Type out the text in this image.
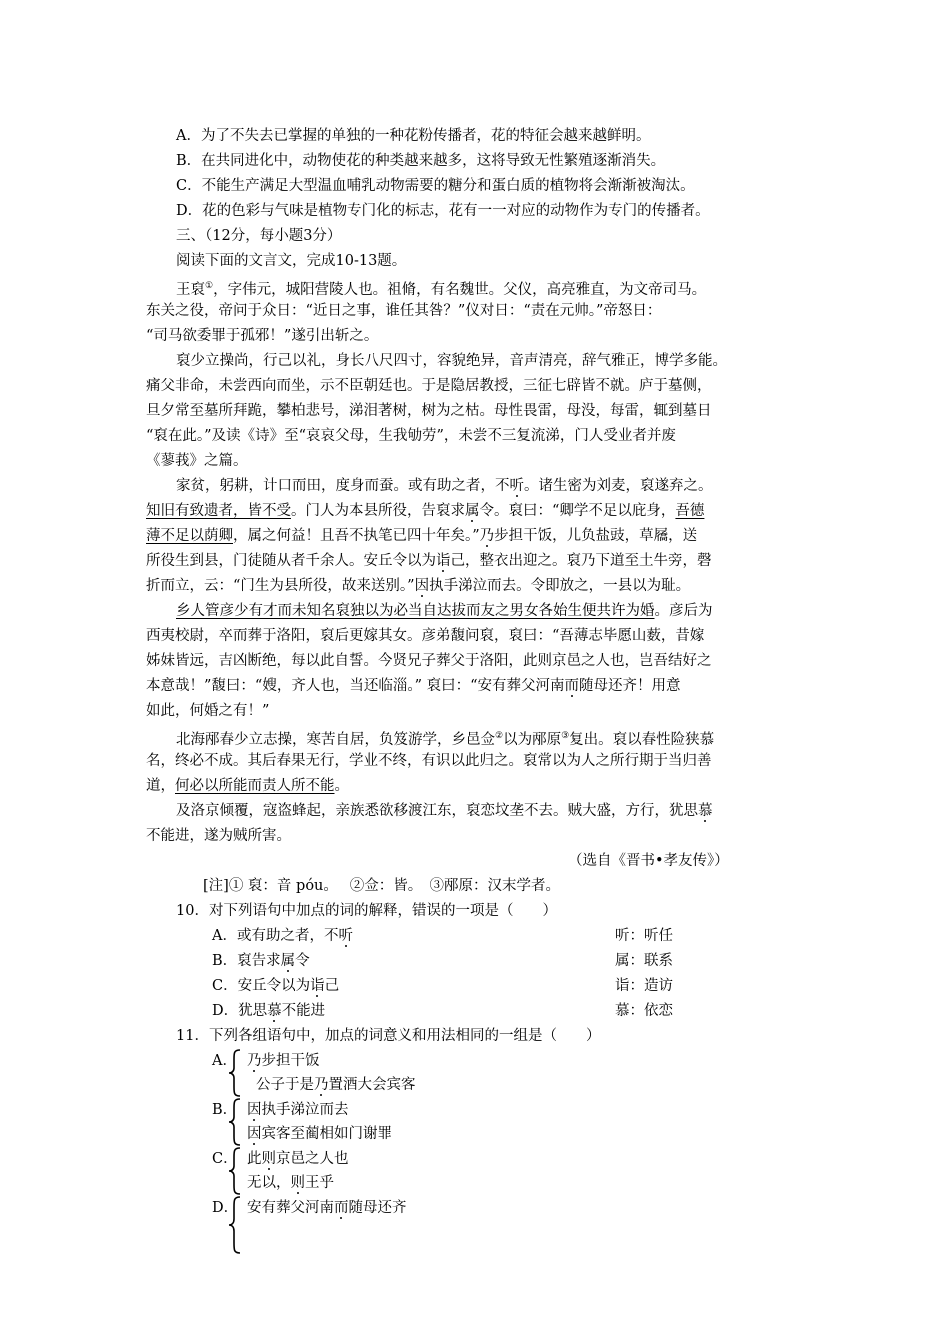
A．为了不失去已掌握的单独的一种花粉传播者，花的特征会越来越鲜明。
B．在共同进化中，动物使花的种类越来越多，这将导致无性繁殖逐渐消失。
C．不能生产满足大型温血哺乳动物需要的糖分和蛋白质的植物将会渐渐被淘汰。
D．花的色彩与气味是植物专门化的标志，花有一一对应的动物作为专门的传播者。
三、（12分，每小题3分）
阅读下面的文言文，完成10-13题。
王裒①，字伟元，城阳营陵人也。祖脩，有名魏世。父仪，高亮雅直，为文帝司马。
东关之役，帝问于众日：“近日之事，谁任其咎？”仪对日：“责在元帅。”帝怒日：
“司马欲委罪于孤邪！”遂引出斩之。
裒少立操尚，行己以礼，身长八尺四寸，容貌绝异，音声清亮，辞气雅正，博学多能。
痛父非命，未尝西向而坐，示不臣朝廷也。于是隐居教授，三征七辟皆不就。庐于墓侧，
旦夕常至墓所拜跪，攀柏悲号，涕泪著树，树为之枯。母性畏雷，母没，每雷，辄到墓日
“裒在此。”及读《诗》至“哀哀父母，生我劬劳”，未尝不三复流涕，门人受业者并废
《蓼莪》之篇。
家贫，躬耕，计口而田，度身而蚕。或有助之者，不听。诸生密为刘麦，裒遂弃之。
知旧有致遗者，皆不受。门人为本县所役，告裒求属令。裒曰：“卿学不足以庇身，吾德
薄不足以荫卿，属之何益！且吾不执笔已四十年矣。”乃步担干饭，儿负盐豉，草屩，送
所役生到县，门徒随从者千余人。安丘令以为诣己，整衣出迎之。裒乃下道至土牛旁，磬
折而立，云：“门生为县所役，故来送别。”因执手涕泣而去。令即放之，一县以为耻。
乡人管彦少有才而未知名裒独以为必当自达拔而友之男女各始生便共许为婚。彦后为
西夷校尉，卒而葬于洛阳，裒后更嫁其女。彦弟馥问裒，裒曰：“吾薄志毕愿山薮，昔嫁
姊妹皆远，吉凶断绝，每以此自誓。今贤兄子葬父于洛阳，此则京邑之人也，岂吾结好之
本意哉！”馥曰：“嫂，齐人也，当还临淄。” 裒曰：“安有葬父河南而随母还齐！用意
如此，何婚之有！”
北海邴春少立志操，寒苦自居，负笈游学，乡邑佥②以为邴原③复出。裒以春性险狭慕
名，终必不成。其后春果无行，学业不终，有识以此归之。裒常以为人之所行期于当归善
道，何必以所能而责人所不能。
及洛京倾覆，寇盗蜂起，亲族悉欲移渡江东，裒恋坟垄不去。贼大盛，方行，犹思慕
不能进，遂为贼所害。
（选自《晋书•孝友传》）
[注]① 裒：音 póu。　 ②佥：皆。　③邴原：汉末学者。
10．对下列语句中加点的词的解释，错误的一项是（　　）
A．或有助之者，不听	听：听任
B．裒告求属令	属：联系
C．安丘令以为诣己	诣：造访
D．犹思慕不能进	慕：依恋
11．下列各组语句中，加点的词意义和用法相同的一组是（　　）
A． 乃步担干饭
公子于是乃置酒大会宾客
B． 因执手涕泣而去
因宾客至蔺相如门谢罪
C． 此则京邑之人也
无以，则王乎
D． 安有葬父河南而随母还齐
